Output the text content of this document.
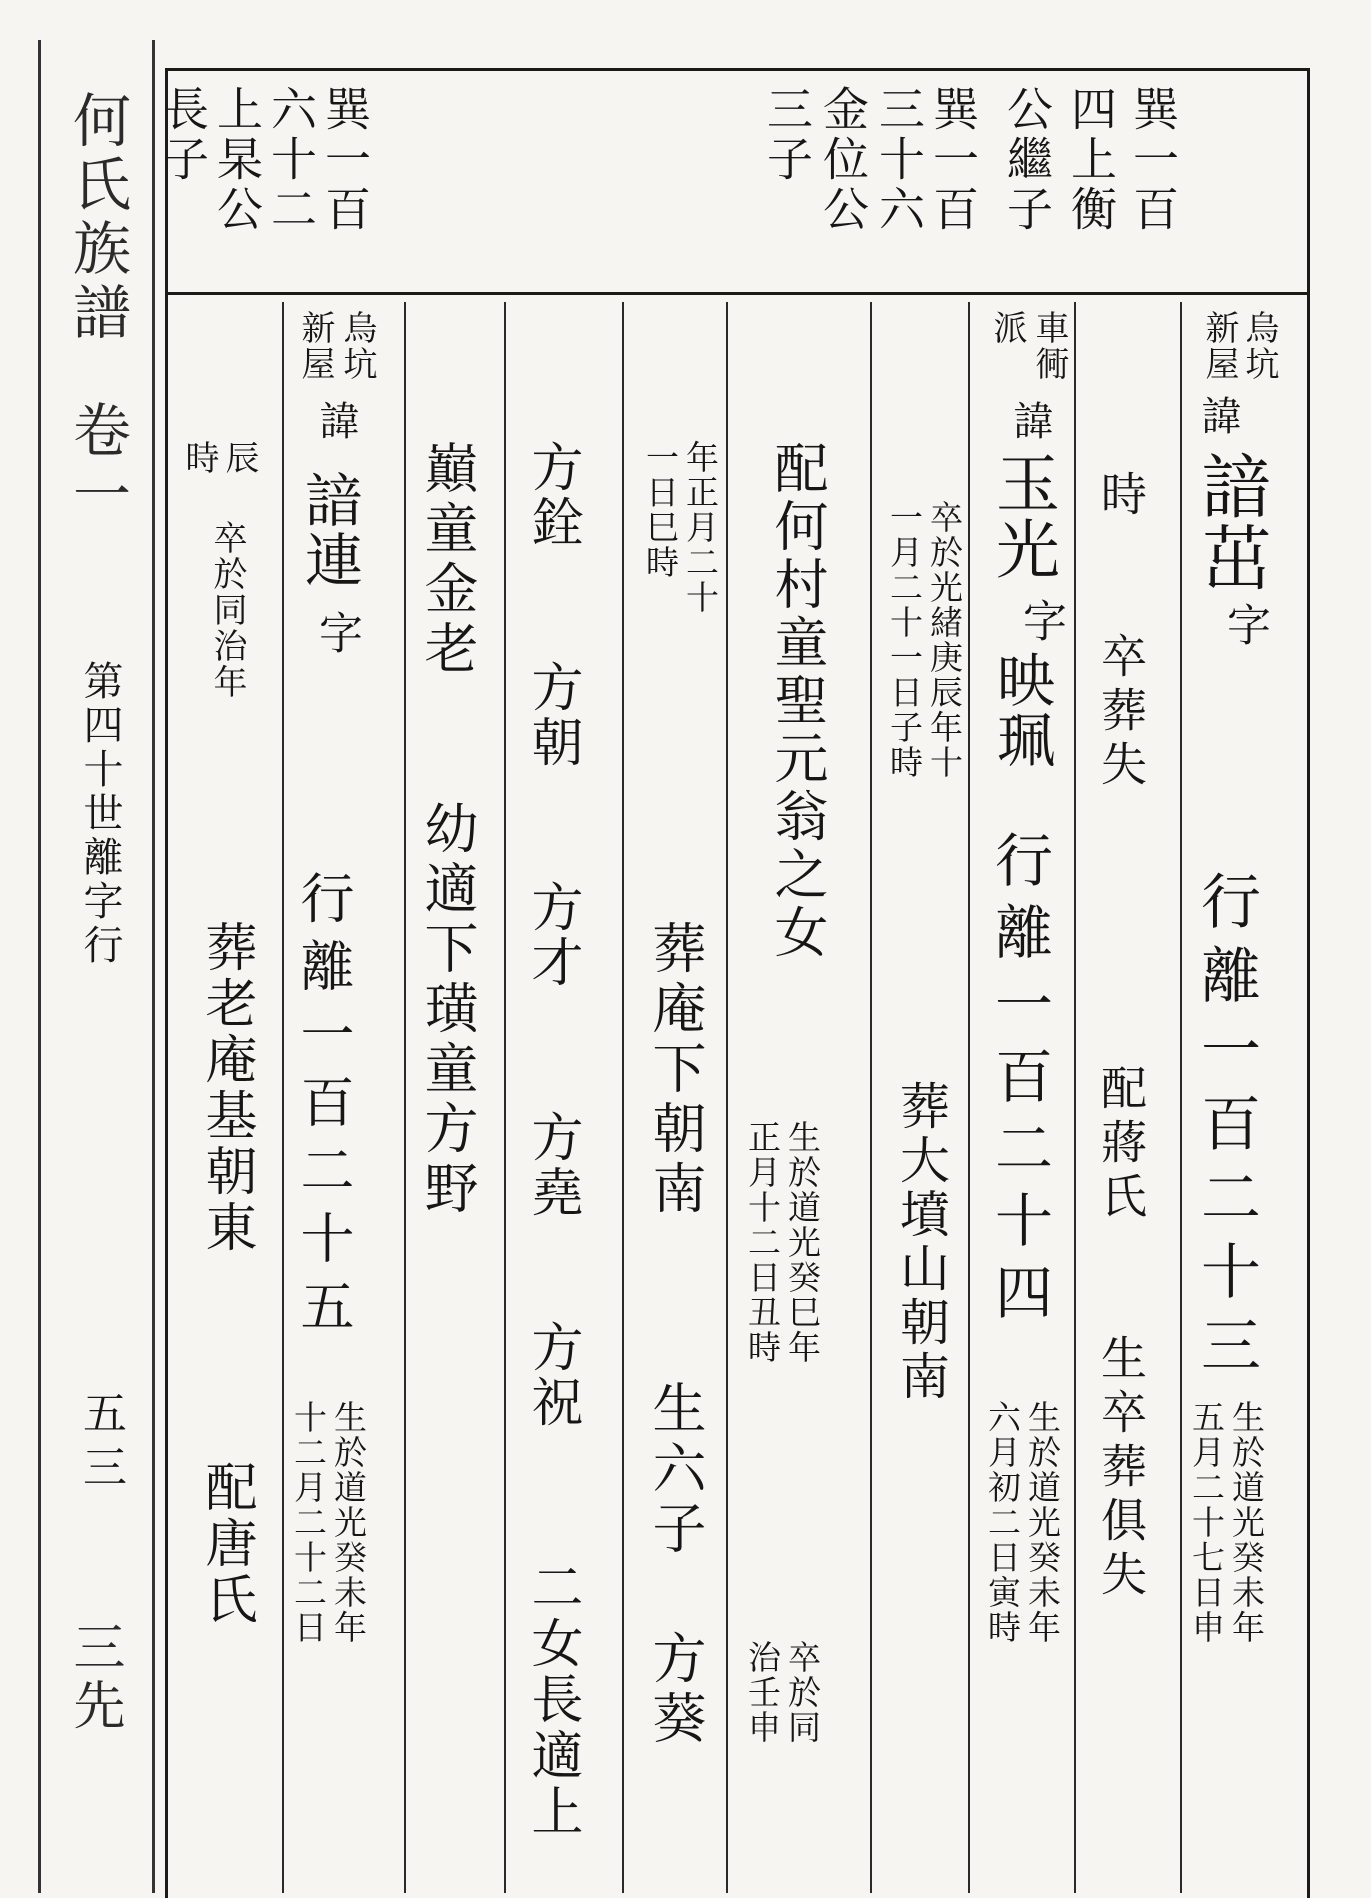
何氏族譜
卷一
第四十世離字行
五三
三先
巽一百
四上衡
公繼子
巽一百
三十六
金位公
三子
巽一百
六十二
上杲公
長子
烏坑
新屋
諱
諳茁
字
行離一百二十三
生於道光癸未年
五月二十七日申
時　　卒葬失　　　　　配蔣氏　　生卒葬俱失
車衕
派
諱
玉光
字
映珮
行離一百二十四
生於道光癸未年
六月初二日寅時
卒於光緒庚辰年十
一月二十一日子時
葬大墳山朝南
配何村童聖元翁之女
生於道光癸巳年
正月十二日丑時
卒於同
治壬申
年正月二十
一日巳時
葬庵下朝南
生六子
方葵
方銓
方朝
方才
方堯
方祝
二女長適上
巔童金老　　幼適下璜童方野
烏坑
新屋
諱
諳連
字
行離一百二十五
生於道光癸未年
十二月二十二日
時 辰
卒於同治年
葬老庵基朝東
配唐氏
